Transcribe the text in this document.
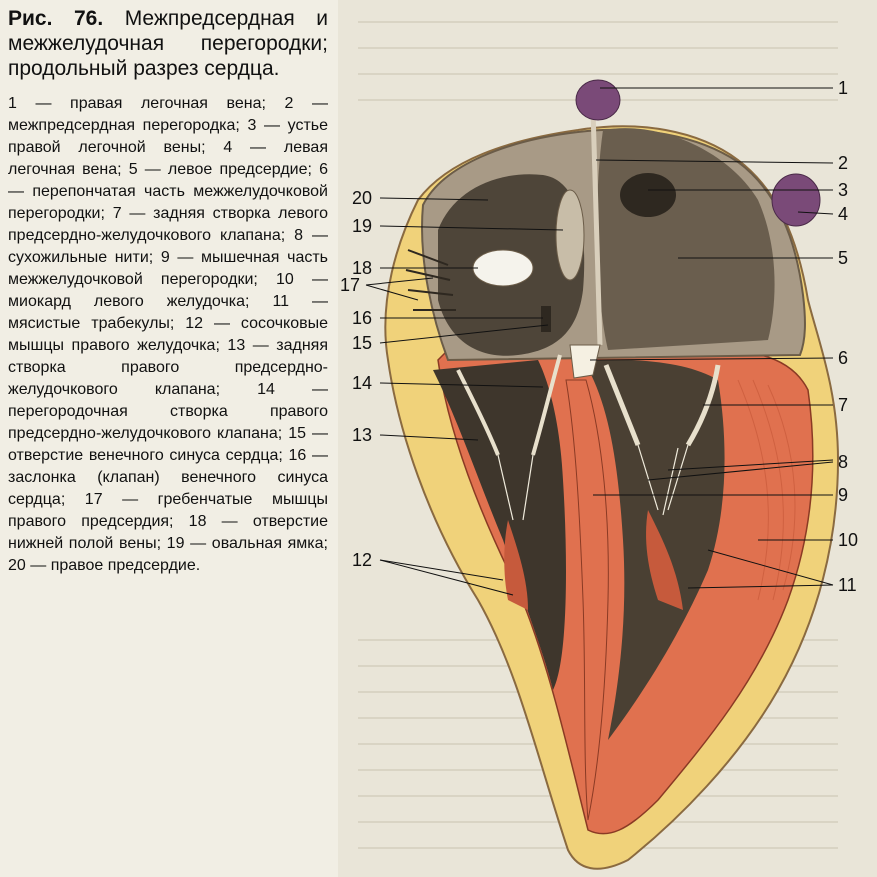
Рис. 76. Межпредсердная и межжелудочная перегородки; продольный разрез сердца.

1 — правая легочная вена; 2 — межпредсердная перегородка; 3 — устье правой легочной вены; 4 — левая легочная вена; 5 — левое предсердие; 6 — перепончатая часть межжелудочковой перегородки; 7 — задняя створка левого предсердно-желудочкового клапана; 8 — сухожильные нити; 9 — мышечная часть межжелудочковой перегородки; 10 — миокард левого желудочка; 11 — мясистые трабекулы; 12 — сосочковые мышцы правого желудочка; 13 — задняя створка правого предсердно-желудочкового клапана; 14 — перегородочная створка правого предсердно-желудочкового клапана; 15 — отверстие венечного синуса сердца; 16 — заслонка (клапан) венечного синуса сердца; 17 — гребенчатые мышцы правого предсердия; 18 — отверстие нижней полой вены; 19 — овальная ямка; 20 — правое предсердие.

1
2
3
4
5
6
7
8
9
10
11
12
13
14
15
16
17
18
19
20
